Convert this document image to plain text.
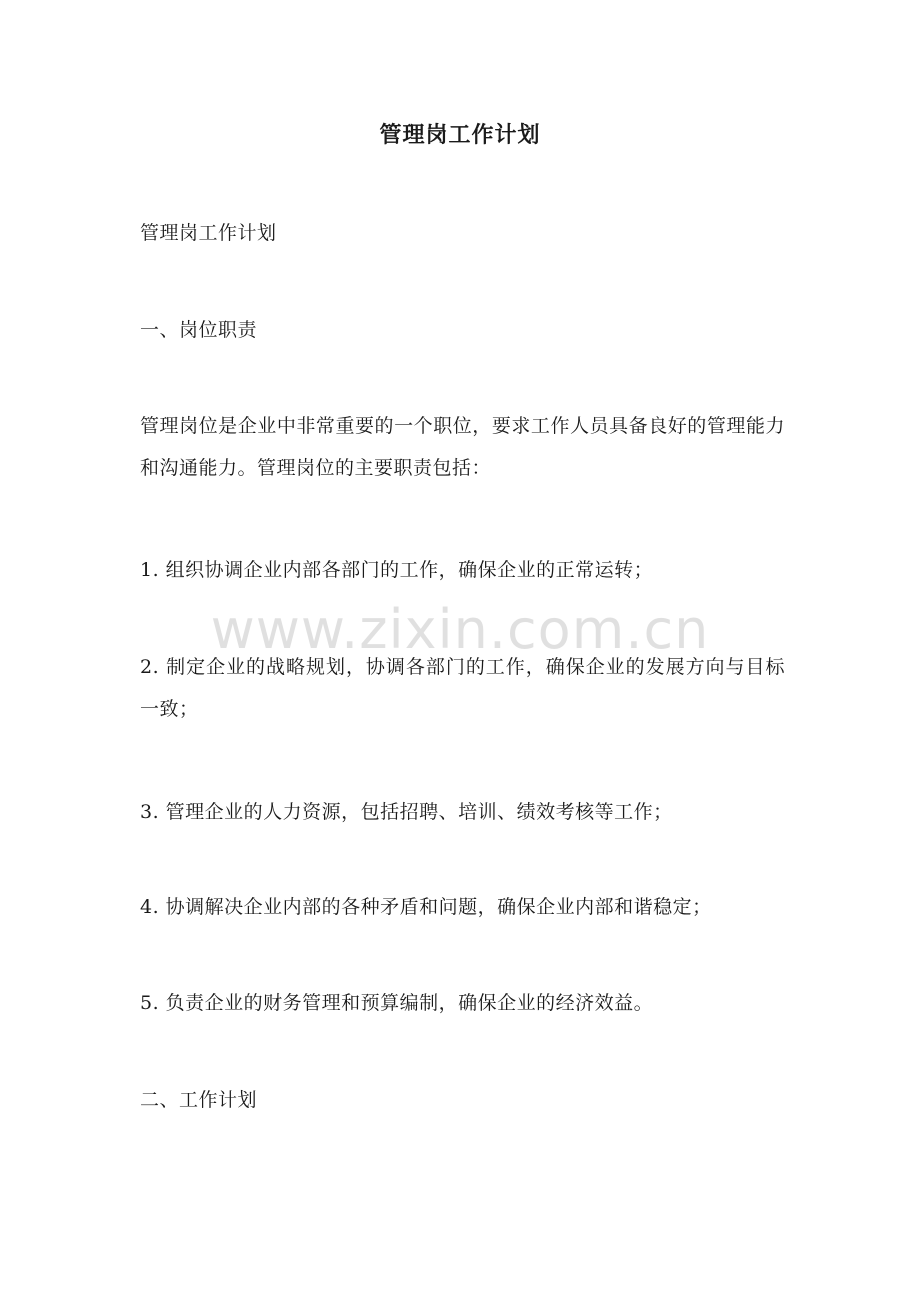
管理岗工作计划
管理岗工作计划
一、岗位职责
管理岗位是企业中非常重要的一个职位，要求工作人员具备良好的管理能力和沟通能力。管理岗位的主要职责包括：
1. 组织协调企业内部各部门的工作，确保企业的正常运转；
2. 制定企业的战略规划，协调各部门的工作，确保企业的发展方向与目标一致；
3. 管理企业的人力资源，包括招聘、培训、绩效考核等工作；
4. 协调解决企业内部的各种矛盾和问题，确保企业内部和谐稳定；
5. 负责企业的财务管理和预算编制，确保企业的经济效益。
二、工作计划
www.zixin.com.cn
